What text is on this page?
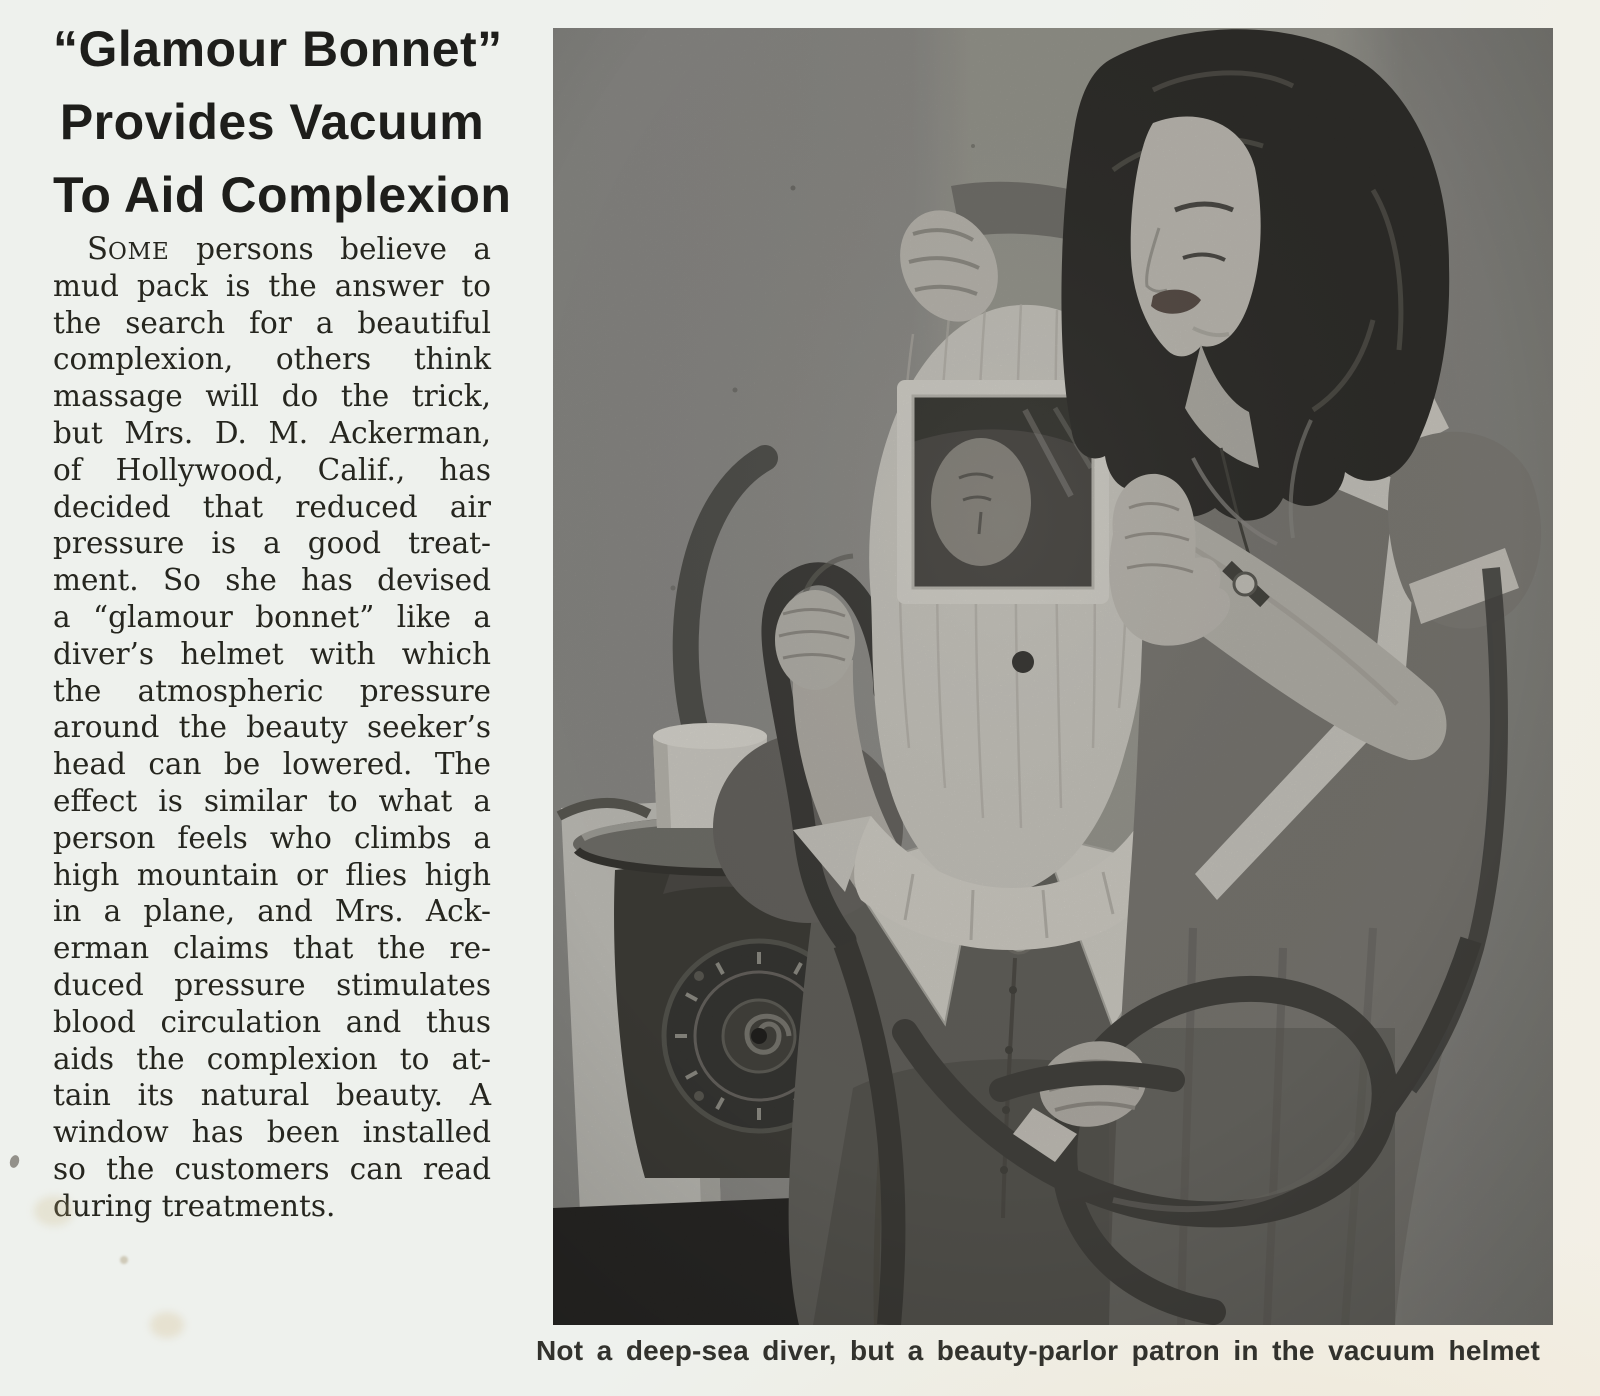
“Glamour Bonnet”
Provides Vacuum
To Aid Complexion
SOME persons believe a
mud pack is the answer to
the search for a beautiful
complexion, others think
massage will do the trick,
but Mrs. D. M. Ackerman,
of Hollywood, Calif., has
decided that reduced air
pressure is a good treat-
ment. So she has devised
a “glamour bonnet” like a
diver’s helmet with which
the atmospheric pressure
around the beauty seeker’s
head can be lowered. The
effect is similar to what a
person feels who climbs a
high mountain or flies high
in a plane, and Mrs. Ack-
erman claims that the re-
duced pressure stimulates
blood circulation and thus
aids the complexion to at-
tain its natural beauty. A
window has been installed
so the customers can read
during treatments.
Not a deep-sea diver, but a beauty-parlor patron in the vacuum helmet
